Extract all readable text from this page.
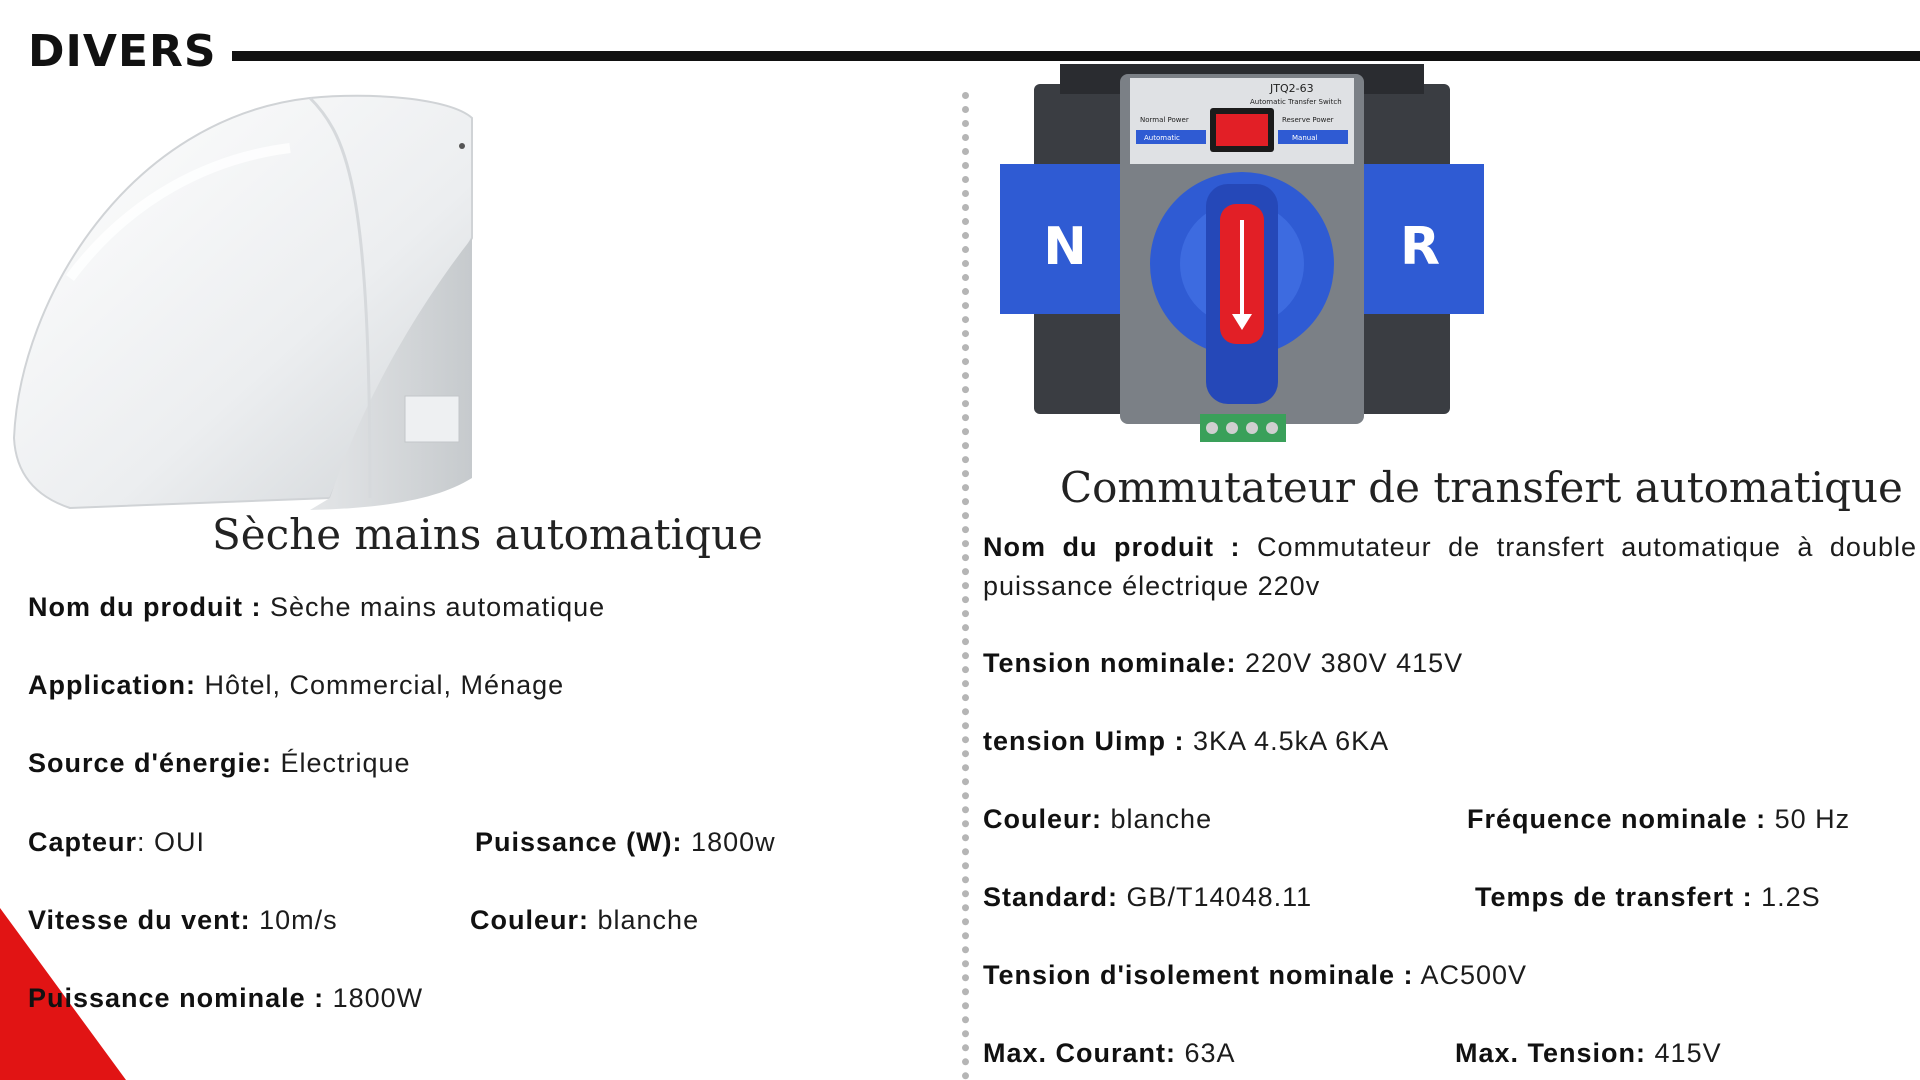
DIVERS
N	R
JTQ2-63
Automatic Transfer Switch
Normal Power	Reserve Power
Automatic	Manual
Sèche mains automatique
Nom du produit : Sèche mains automatique
Application: Hôtel, Commercial, Ménage
Source d'énergie: Électrique
Capteur: OUI	Puissance (W): 1800w
Vitesse du vent: 10m/s	Couleur: blanche
Puissance nominale : 1800W
Commutateur de transfert automatique
Nom du produit : Commutateur de transfert automatique à double puissance électrique 220v
Tension nominale: 220V 380V 415V
tension Uimp : 3KA 4.5kA 6KA
Couleur: blanche	Fréquence nominale : 50 Hz
Standard: GB/T14048.11	Temps de transfert : 1.2S
Tension d'isolement nominale : AC500V
Max. Courant: 63A	Max. Tension: 415V
